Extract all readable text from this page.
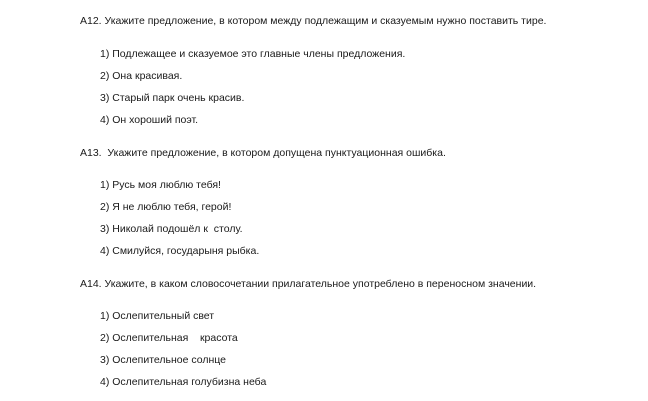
А12. Укажите предложение, в котором между подлежащим и сказуемым нужно поставить тире.
1) Подлежащее и сказуемое это главные члены предложения.
2) Она красивая.
3) Старый парк очень красив.
4) Он хороший поэт.
А13.  Укажите предложение, в котором допущена пунктуационная ошибка.
1) Русь моя люблю тебя!
2) Я не люблю тебя, герой!
3) Николай подошёл к  столу.
4) Смилуйся, государыня рыбка.
А14. Укажите, в каком словосочетании прилагательное употреблено в переносном значении.
1) Ослепительный свет
2) Ослепительная    красота
3) Ослепительное солнце
4) Ослепительная голубизна неба
